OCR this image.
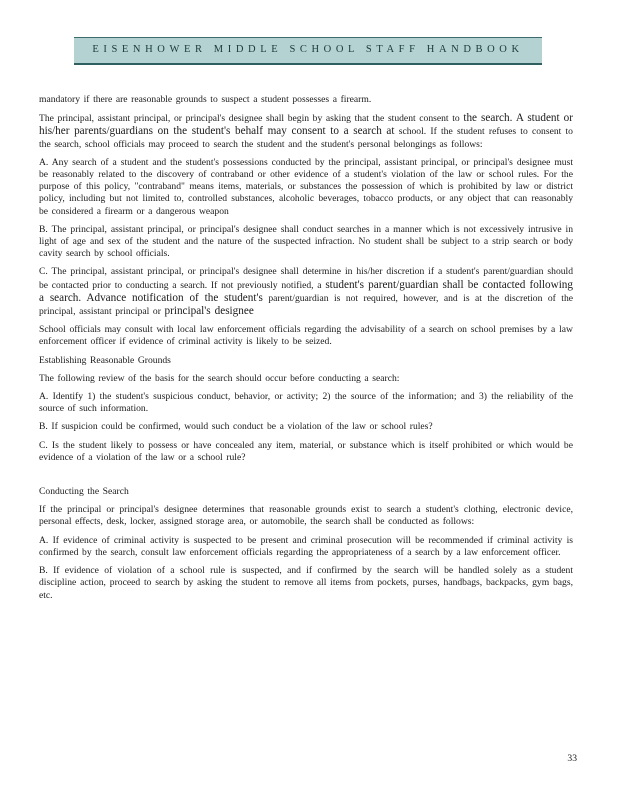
EISENHOWER MIDDLE SCHOOL STAFF HANDBOOK

mandatory if there are reasonable grounds to suspect a student possesses a firearm.

The principal, assistant principal, or principal's designee shall begin by asking that the student consent to the search. A student or his/her parents/guardians on the student's behalf may consent to a search at school. If the student refuses to consent to the search, school officials may proceed to search the student and the student's personal belongings as follows:

A. Any search of a student and the student's possessions conducted by the principal, assistant principal, or principal's designee must be reasonably related to the discovery of contraband or other evidence of a student's violation of the law or school rules. For the purpose of this policy, "contraband" means items, materials, or substances the possession of which is prohibited by law or district policy, including but not limited to, controlled substances, alcoholic beverages, tobacco products, or any object that can reasonably be considered a firearm or a dangerous weapon

B. The principal, assistant principal, or principal's designee shall conduct searches in a manner which is not excessively intrusive in light of age and sex of the student and the nature of the suspected infraction. No student shall be subject to a strip search or body cavity search by school officials.

C. The principal, assistant principal, or principal's designee shall determine in his/her discretion if a student's parent/guardian should be contacted prior to conducting a search. If not previously notified, a student's parent/guardian shall be contacted following a search. Advance notification of the student's parent/guardian is not required, however, and is at the discretion of the principal, assistant principal or principal's designee

School officials may consult with local law enforcement officials regarding the advisability of a search on school premises by a law enforcement officer if evidence of criminal activity is likely to be seized.

Establishing Reasonable Grounds

The following review of the basis for the search should occur before conducting a search:

A. Identify 1) the student's suspicious conduct, behavior, or activity; 2) the source of the information; and 3) the reliability of the source of such information.

B. If suspicion could be confirmed, would such conduct be a violation of the law or school rules?

C. Is the student likely to possess or have concealed any item, material, or substance which is itself prohibited or which would be evidence of a violation of the law or a school rule?

Conducting the Search

If the principal or principal's designee determines that reasonable grounds exist to search a student's clothing, electronic device, personal effects, desk, locker, assigned storage area, or automobile, the search shall be conducted as follows:

A. If evidence of criminal activity is suspected to be present and criminal prosecution will be recommended if criminal activity is confirmed by the search, consult law enforcement officials regarding the appropriateness of a search by a law enforcement officer.

B. If evidence of violation of a school rule is suspected, and if confirmed by the search will be handled solely as a student discipline action, proceed to search by asking the student to remove all items from pockets, purses, handbags, backpacks, gym bags, etc.

33
